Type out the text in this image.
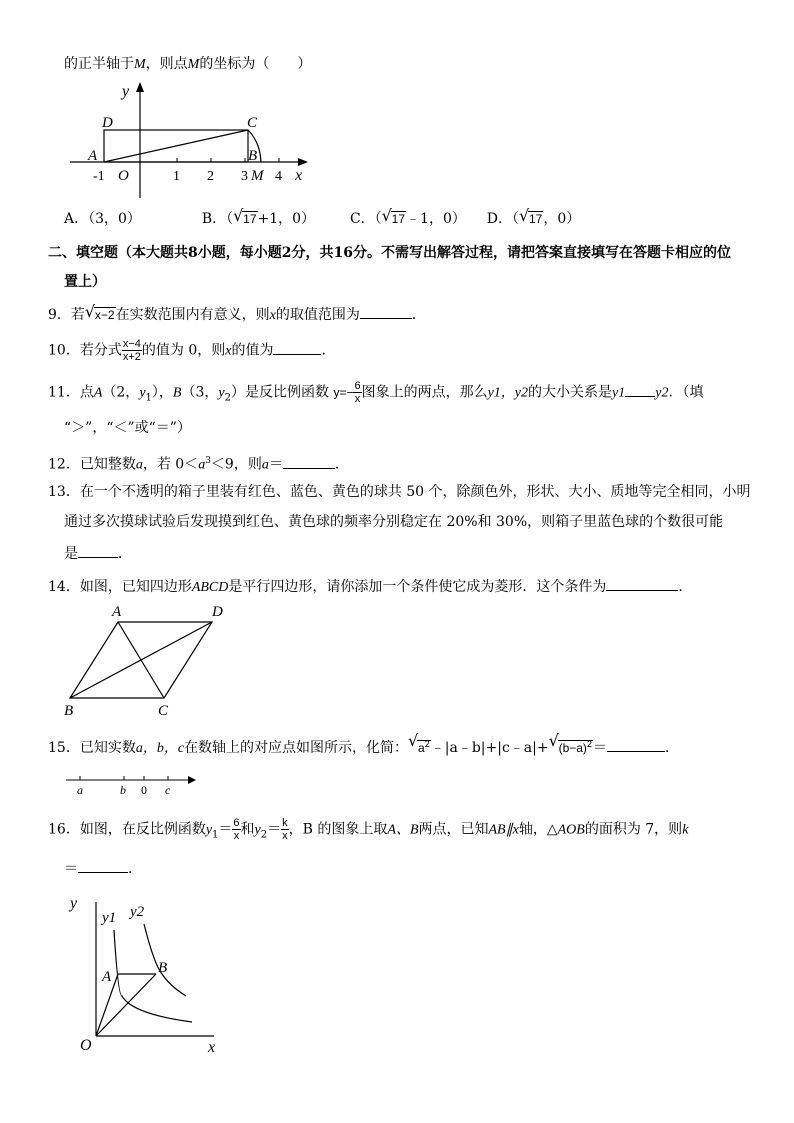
的正半轴于M，则点M的坐标为（　　）
y
D	C
A	B
-1 O	1 2 3 M 4 x
A．（3，0）	B．（ √ 17+1，0） C．（ √ 17﹣1，0） D．（ √ 17，0）
二、填空题（本大题共8小题，每小题2分，共16分。不需写出解答过程，请把答案直接填写在答题卡相应的位
置上）
9．若 √ x−2在实数范围内有意义，则x的取值范围为	．
10．若分式 $\frac{x-4}{x+2}$ 的值为 0，则x的值为	．
11．点A（2，$y_1$），B（3，$y_2$）是反比例函数 $y=- \frac{6}{x}$ 图象上的两点，那么y1，y2的大小关系是y1 y2．（填
“＞”，“＜”或“＝”）
12．已知整数a，若 $0<a^3<9$，则a＝	．
13．在一个不透明的箱子里装有红色、蓝色、黄色的球共 50 个，除颜色外，形状、大小、质地等完全相同，小明
通过多次摸球试验后发现摸到红色、黄色球的频率分别稳定在 20%和 30%，则箱子里蓝色球的个数很可能
是	．
14．如图，已知四边形ABCD是平行四边形，请你添加一个条件使它成为菱形．这个条件为	．
A	D
B	C
15．已知实数a，b，c在数轴上的对应点如图所示，化简： √ $a^2﹣|a﹣b|+|c﹣a|+$ √ $(b-a)^2=$	．
a	b 0 c
16．如图，在反比例函数$y_1= \frac{6}{x}$ 和$y_2= \frac{k}{x}$ ，B 的图象上取A、B两点，已知AB∥x轴，△AOB的面积为 7，则k
＝	．
y
y1 y2
A
B
O	x
